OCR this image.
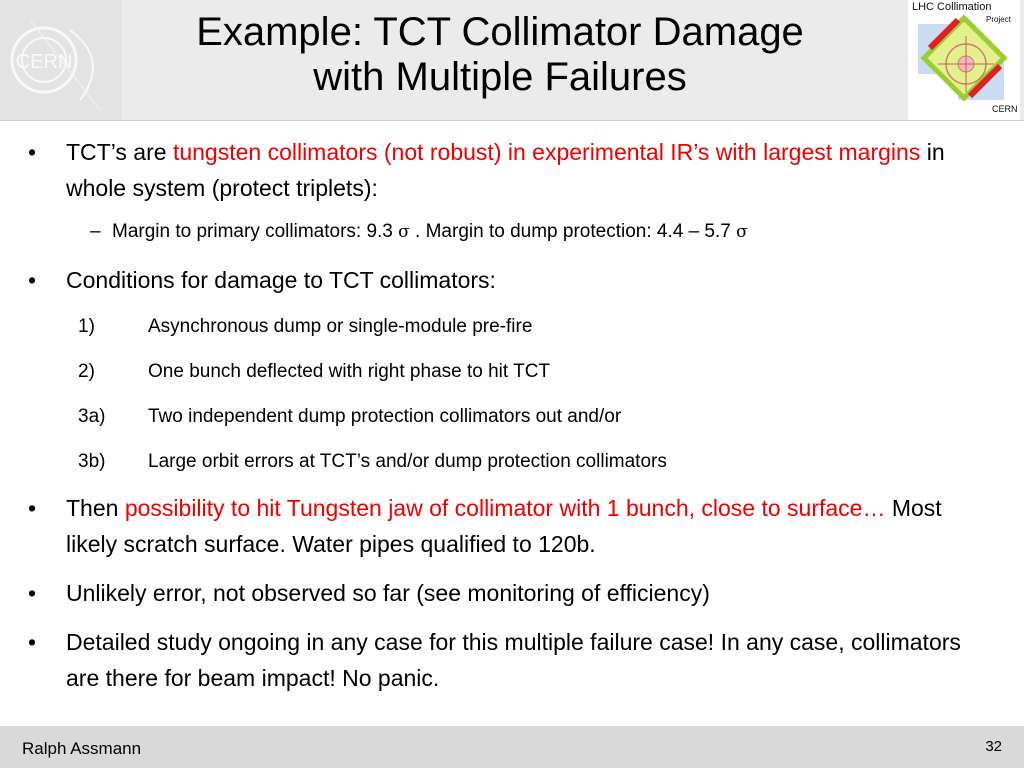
CERN
Example: TCT Collimator Damage
with Multiple Failures
LHC Collimation
Project
CERN
• TCT’s are tungsten collimators (not robust) in experimental IR’s with largest margins in whole system (protect triplets):
– Margin to primary collimators: 9.3 σ . Margin to dump protection: 4.4 – 5.7 σ
• Conditions for damage to TCT collimators:
1)	Asynchronous dump or single-module pre-fire
2)	One bunch deflected with right phase to hit TCT
3a) Two independent dump protection collimators out and/or
3b) Large orbit errors at TCT’s and/or dump protection collimators
• Then possibility to hit Tungsten jaw of collimator with 1 bunch, close to surface… Most likely scratch surface. Water pipes qualified to 120b.
• Unlikely error, not observed so far (see monitoring of efficiency)
• Detailed study ongoing in any case for this multiple failure case! In any case, collimators are there for beam impact! No panic.
Ralph Assmann	32
